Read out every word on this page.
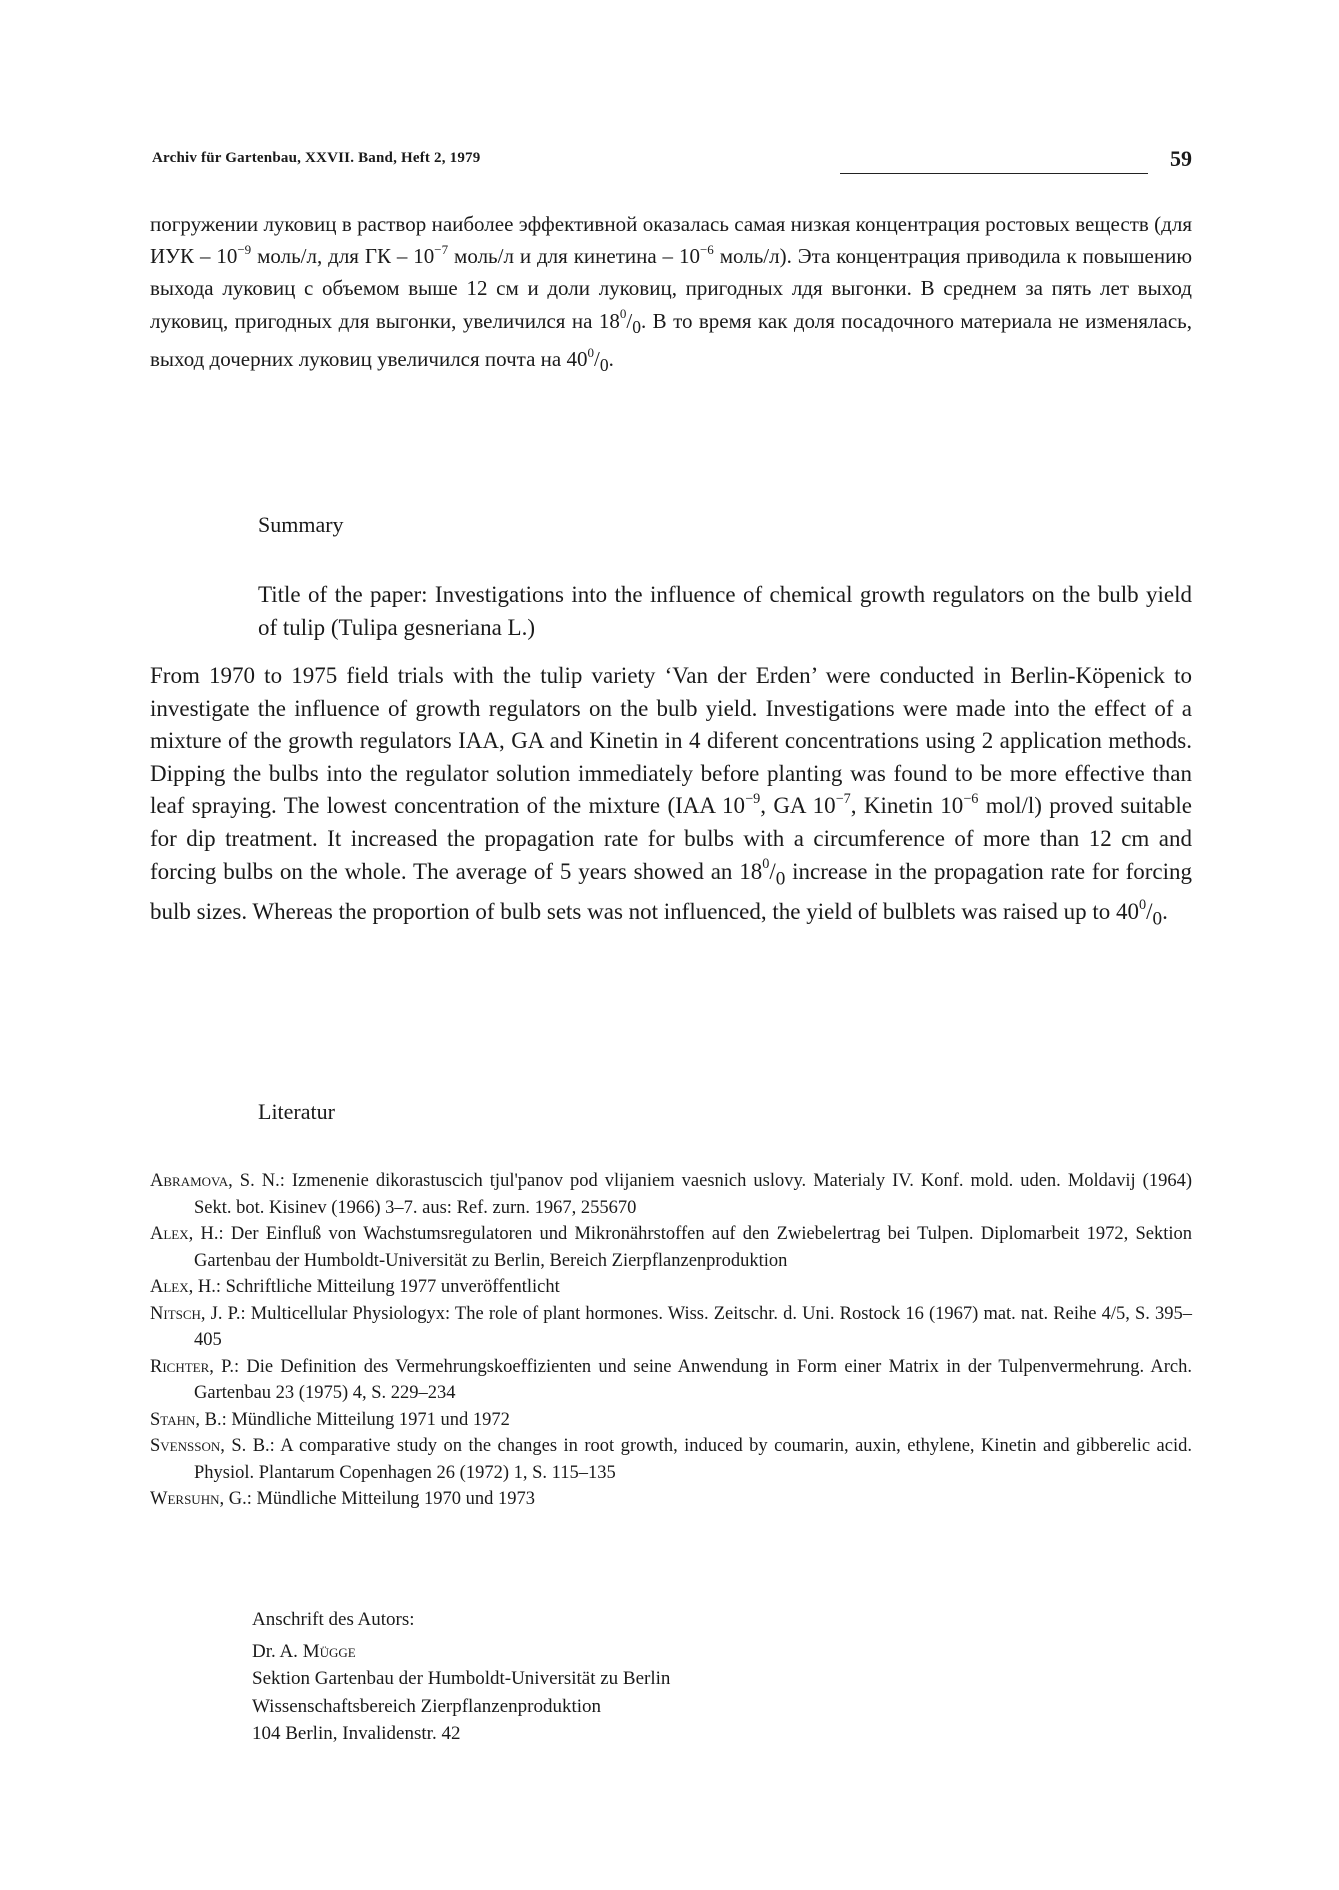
Archiv für Gartenbau, XXVII. Band, Heft 2, 1979	59

погружении луковиц в раствор наиболее эффективной оказалась самая низкая концентрация ростовых веществ (для ИУК – $10^{-9}$ моль/л, для ГК – $10^{-7}$ моль/л и для кинетина – $10^{-6}$ моль/л). Эта концентрация приводила к повышению выхода луковиц с объемом выше 12 см и доли луковиц, пригодных лдя выгонки. В среднем за пять лет выход луковиц, пригодных для выгонки, увеличился на $18^0/_0$. В то время как доля посадочного материала не изменялась, выход дочерних луковиц увеличился почта на $40^0/_0$.

Summary

Title of the paper: Investigations into the influence of chemical growth regulators on the bulb yield of tulip (Tulipa gesneriana L.)

From 1970 to 1975 field trials with the tulip variety ‘Van der Erden’ were conducted in Berlin-Köpenick to investigate the influence of growth regulators on the bulb yield. Investigations were made into the effect of a mixture of the growth regulators IAA, GA and Kinetin in 4 diferent concentrations using 2 application methods. Dipping the bulbs into the regulator solution immediately before planting was found to be more effective than leaf spraying. The lowest concentration of the mixture (IAA $10^{-9}$, GA $10^{-7}$, Kinetin $10^{-6}$ mol/l) proved suitable for dip treatment. It increased the propagation rate for bulbs with a circumference of more than 12 cm and forcing bulbs on the whole. The average of 5 years showed an $18^0/_0$ increase in the propagation rate for forcing bulb sizes. Whereas the proportion of bulb sets was not influenced, the yield of bulblets was raised up to $40^0/_0$.

Literatur
Abramova, S. N.: Izmenenie dikorastuscich tjul'panov pod vlijaniem vaesnich uslovy. Materialy IV. Konf. mold. uden. Moldavij (1964) Sekt. bot. Kisinev (1966) 3–7. aus: Ref. zurn. 1967, 255670
Alex, H.: Der Einfluß von Wachstumsregulatoren und Mikronährstoffen auf den Zwiebelertrag bei Tulpen. Diplomarbeit 1972, Sektion Gartenbau der Humboldt-Universität zu Berlin, Bereich Zierpflanzenproduktion
Alex, H.: Schriftliche Mitteilung 1977 unveröffentlicht
Nitsch, J. P.: Multicellular Physiologyx: The role of plant hormones. Wiss. Zeitschr. d. Uni. Rostock 16 (1967) mat. nat. Reihe 4/5, S. 395–405
Richter, P.: Die Definition des Vermehrungskoeffizienten und seine Anwendung in Form einer Matrix in der Tulpenvermehrung. Arch. Gartenbau 23 (1975) 4, S. 229–234
Stahn, B.: Mündliche Mitteilung 1971 und 1972
Svensson, S. B.: A comparative study on the changes in root growth, induced by coumarin, auxin, ethylene, Kinetin and gibberelic acid. Physiol. Plantarum Copenhagen 26 (1972) 1, S. 115–135
Wersuhn, G.: Mündliche Mitteilung 1970 und 1973
Anschrift des Autors:
Dr. A. Mügge
Sektion Gartenbau der Humboldt-Universität zu Berlin
Wissenschaftsbereich Zierpflanzenproduktion
104 Berlin, Invalidenstr. 42
